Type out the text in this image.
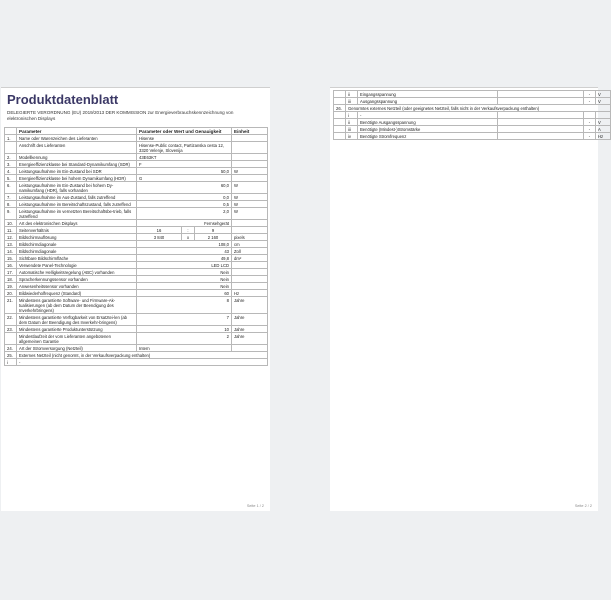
Produktdatenblatt
DELEGIERTE VERORDNUNG (EU) 2019/2013 DER KOMMISSION zur Energieverbrauchskennzeichnung von elektronischen Displays
	Parameter	Parameter oder Wert und Genauigkeit			Einheit
1.	Name oder Warenzeichen des Lieferanten	Hisense			
	Anschrift des Lieferanten	Hisense-Public contact, Partizanska cesta 12, 3320 Velenje, Slovenija			
2.	Modellkennung	43E63KT			
3.	Energieeffizienzklasse bei Standard-Dynamikumfang (SDR)	F			
4.	Leistungsaufnahme im Ein-Zustand bei SDR	50,0			W
5.	Energieeffizienzklasse bei hohem Dynamikumfang (HDR)	G			
6.	Leistungsaufnahme im Ein-Zustand bei hohem Dy-namikumfang (HDR), falls vorhanden	60,0			W
7.	Leistungsaufnahme im Aus-Zustand, falls zutreffend	0,0			W
8.	Leistungsaufnahme im Bereitschaftszustand, falls zutreffend	0,5			W
9.	Leistungsaufnahme im vernetzten Bereitschaftsbe-trieb, falls zutreffend	2,0			W
10.	Art des elektronischen Displays	Fernsehgerät			
11.	Seitenverhältnis	16	:	9	
12.	Bildschirmauflösung	3 840	x	2 160	pixels
13.	Bildschirmdiagonale	108,0			cm
14.	Bildschirmdiagonale	43			Zoll
15.	Sichtbare Bildschirmfläche	49,8			dm²
16.	Verwendete Panel-Technologie	LED LCD			
17.	Automatische Helligkeitsregelung (ABC) vorhanden	Nein			
18.	Spracherkennungssensor vorhanden	Nein			
19.	Anwesenheitssensor vorhanden	Nein			
20.	Bildwiederholfrequenz (Standard)	60			Hz
21.	Mindestens garantierte Software- und Firmware-Ak-tualisierungen (ab dem Datum der Beendigung des Inverkehrbringens)	8			Jahre
22.	Mindestens garantierte Verfügbarkeit von Ersatztei-len (ab dem Datum der Beendigung des Inverkehr-bringens)	7			Jahre
23.	Mindestens garantierte Produktunterstützung	10			Jahre
	Mindestlaufzeit der vom Lieferanten angebotenen allgemeinen Garantie	2			Jahre
24.	Art der Stromversorgung (Netzteil)	Intern			
25.	Externes Netzteil (nicht genormt, in der Verkaufsverpackung enthalten)				
i	-				
Seite 1 / 2
	ii	Eingangsspannung		-	V
	iii	Ausgangsspannung		-	V
26.	Genormtes externes Netzteil (oder geeignetes Netzteil, falls nicht in der Verkaufsverpackung enthalten)				
	i	-			
	ii	Benötigte Ausgangsspannung		-	V
	iii	Benötigte (Mindest-)Stromstärke		-	A
	iv	Benötigte Stromfrequenz		-	Hz
Seite 2 / 2
